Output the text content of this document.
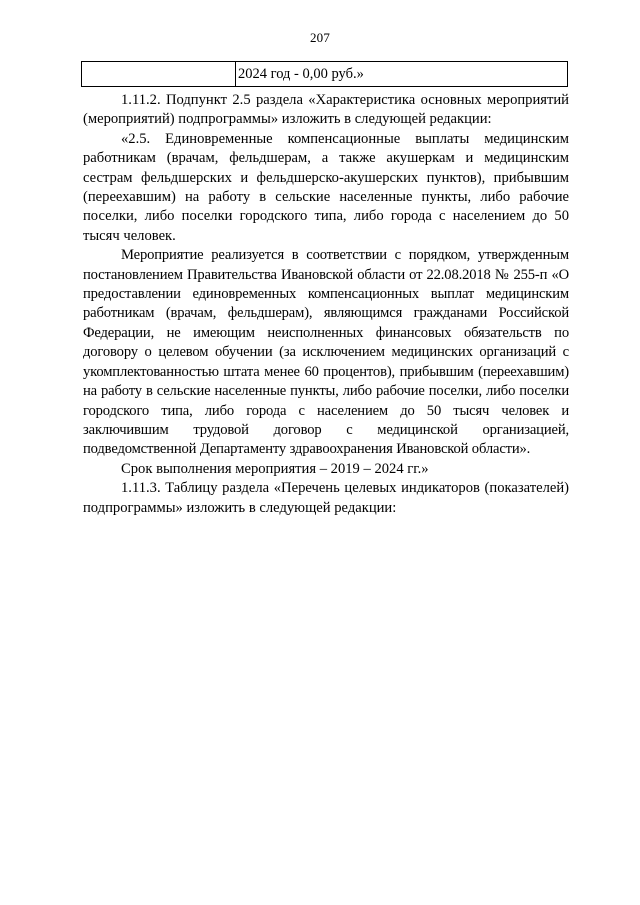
207
2024 год - 0,00 руб.»

1.11.2. Подпункт 2.5 раздела «Характеристика основных мероприятий (мероприятий) подпрограммы» изложить в следующей редакции:

«2.5. Единовременные компенсационные выплаты медицинским работникам (врачам, фельдшерам, а также акушеркам и медицинским сестрам фельдшерских и фельдшерско-акушерских пунктов), прибывшим (переехавшим) на работу в сельские населенные пункты, либо рабочие поселки, либо поселки городского типа, либо города с населением до 50 тысяч человек.

Мероприятие реализуется в соответствии с порядком, утвержденным постановлением Правительства Ивановской области от 22.08.2018 № 255-п «О предоставлении единовременных компенсационных выплат медицинским работникам (врачам, фельдшерам), являющимся гражданами Российской Федерации, не имеющим неисполненных финансовых обязательств по договору о целевом обучении (за исключением медицинских организаций с укомплектованностью штата менее 60 процентов), прибывшим (переехавшим) на работу в сельские населенные пункты, либо рабочие поселки, либо поселки городского типа, либо города с населением до 50 тысяч человек и заключившим трудовой договор с медицинской организацией, подведомственной Департаменту здравоохранения Ивановской области».

Срок выполнения мероприятия – 2019 – 2024 гг.»

1.11.3. Таблицу раздела «Перечень целевых индикаторов (показателей) подпрограммы» изложить в следующей редакции:
